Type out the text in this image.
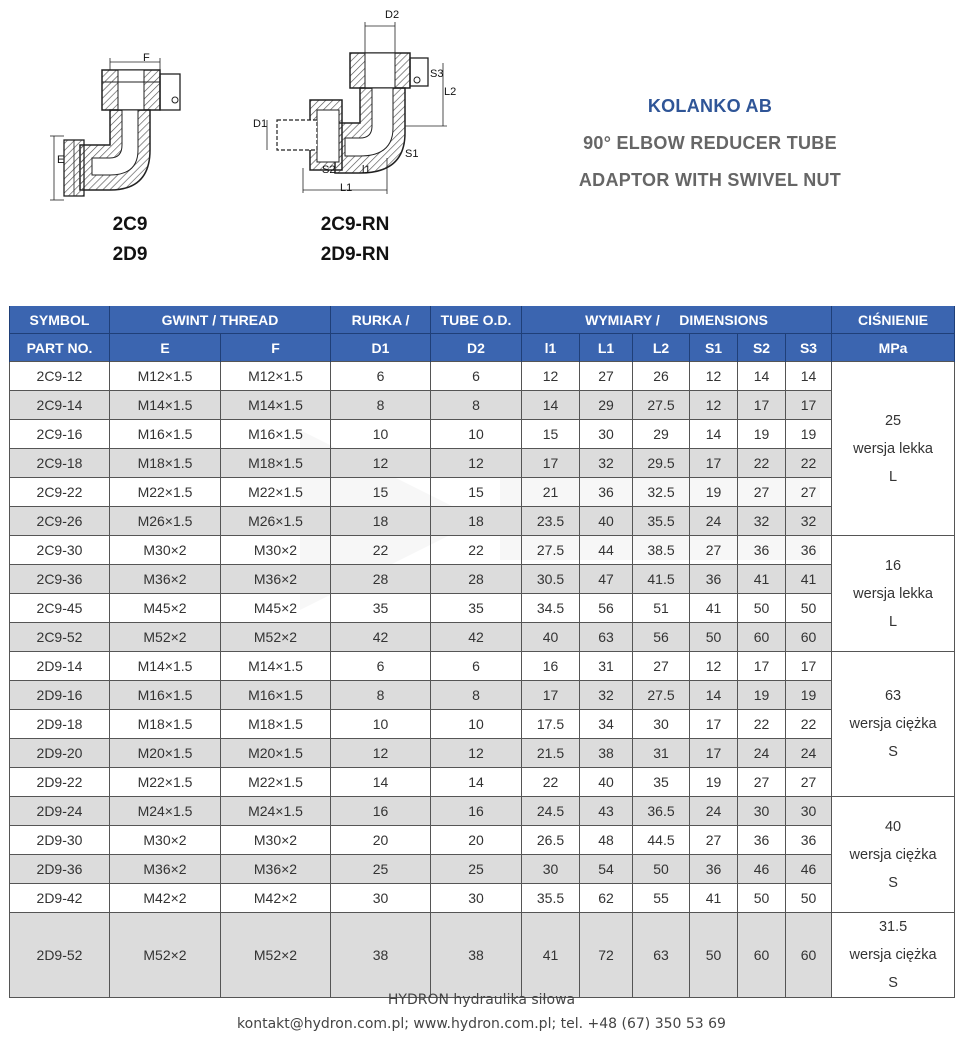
F
E
2C9
2D9
D2
S3
L2
D1
S1
S2 l1
L1
2C9-RN
2D9-RN
KOLANKO AB
90° ELBOW REDUCER TUBE
ADAPTOR WITH SWIVEL NUT
SYMBOL	GWINT / THREAD		RURKA /	TUBE O.D.	WYMIARY / DIMENSIONS						CIŚNIENIE
PART NO.	E	F	D1	D2	l1	L1	L2	S1	S2	S3	MPa
2C9-12	M12×1.5	M12×1.5	6	6	12	27	26	12	14	14	25
wersja lekka
L

2C9-14	M14×1.5	M14×1.5	8	8	14	29	27.5	12	17	17	
2C9-16	M16×1.5	M16×1.5	10	10	15	30	29	14	19	19	
2C9-18	M18×1.5	M18×1.5	12	12	17	32	29.5	17	22	22	
2C9-22	M22×1.5	M22×1.5	15	15	21	36	32.5	19	27	27	
2C9-26	M26×1.5	M26×1.5	18	18	23.5	40	35.5	24	32	32	
2C9-30	M30×2	M30×2	22	22	27.5	44	38.5	27	36	36	16
wersja lekka
L

2C9-36	M36×2	M36×2	28	28	30.5	47	41.5	36	41	41	
2C9-45	M45×2	M45×2	35	35	34.5	56	51	41	50	50	
2C9-52	M52×2	M52×2	42	42	40	63	56	50	60	60	
2D9-14	M14×1.5	M14×1.5	6	6	16	31	27	12	17	17	63
wersja ciężka
S

2D9-16	M16×1.5	M16×1.5	8	8	17	32	27.5	14	19	19	
2D9-18	M18×1.5	M18×1.5	10	10	17.5	34	30	17	22	22	
2D9-20	M20×1.5	M20×1.5	12	12	21.5	38	31	17	24	24	
2D9-22	M22×1.5	M22×1.5	14	14	22	40	35	19	27	27	
2D9-24	M24×1.5	M24×1.5	16	16	24.5	43	36.5	24	30	30	40
wersja ciężka
S

2D9-30	M30×2	M30×2	20	20	26.5	48	44.5	27	36	36	
2D9-36	M36×2	M36×2	25	25	30	54	50	36	46	46	
2D9-42	M42×2	M42×2	30	30	35.5	62	55	41	50	50	
2D9-52	M52×2	M52×2	38	38	41	72	63	50	60	60	31.5
wersja ciężka
S
HYDRON hydraulika siłowa
kontakt@hydron.com.pl; www.hydron.com.pl; tel. +48 (67) 350 53 69
